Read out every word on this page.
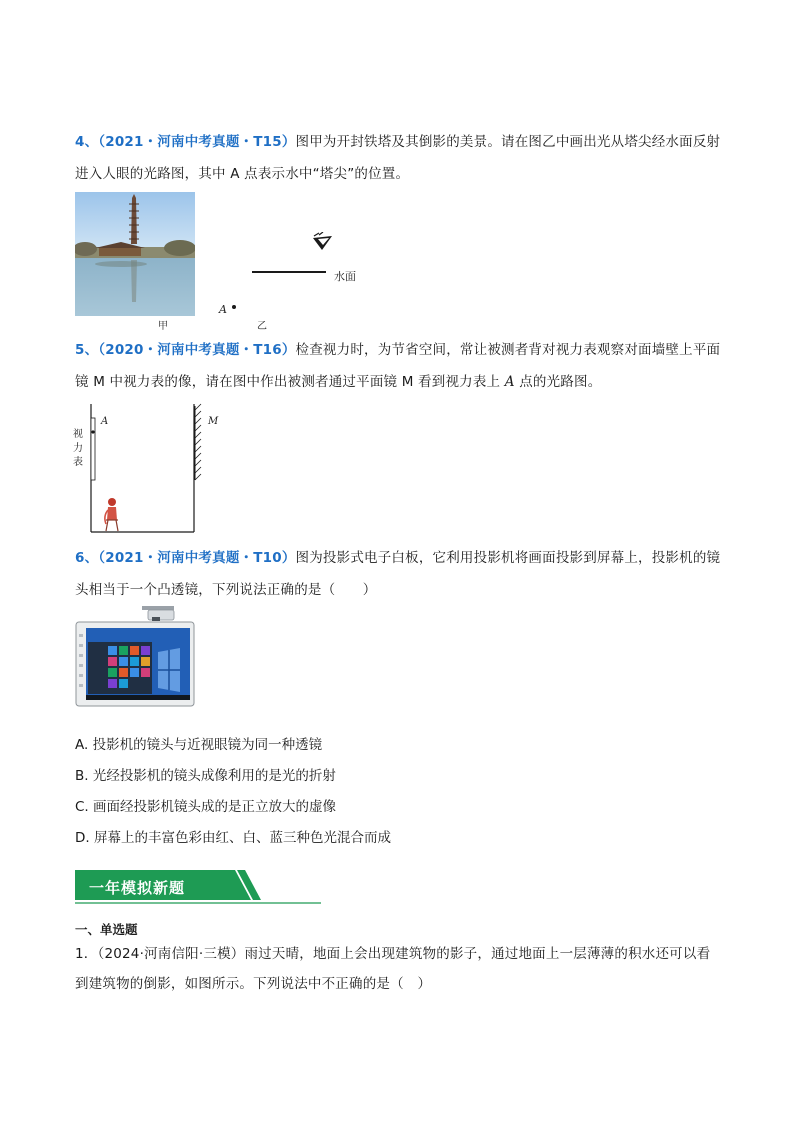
4、（2021・河南中考真题・T15）图甲为开封铁塔及其倒影的美景。请在图乙中画出光从塔尖经水面反射
进入人眼的光路图，其中 A 点表示水中“塔尖”的位置。
甲
水面
A
乙
5、（2020・河南中考真题・T16）检查视力时，为节省空间，常让被测者背对视力表观察对面墙壁上平面
镜 M 中视力表的像，请在图中作出被测者通过平面镜 M 看到视力表上 A 点的光路图。
视
力
表
A	M
6、（2021・河南中考真题・T10）图为投影式电子白板，它利用投影机将画面投影到屏幕上，投影机的镜
头相当于一个凸透镜，下列说法正确的是（　　）
A. 投影机的镜头与近视眼镜为同一种透镜
B. 光经投影机的镜头成像利用的是光的折射
C. 画面经投影机镜头成的是正立放大的虚像
D. 屏幕上的丰富色彩由红、白、蓝三种色光混合而成
一年模拟新题
一、单选题
1．（2024·河南信阳·三模）雨过天晴，地面上会出现建筑物的影子，通过地面上一层薄薄的积水还可以看
到建筑物的倒影，如图所示。下列说法中不正确的是（　）
